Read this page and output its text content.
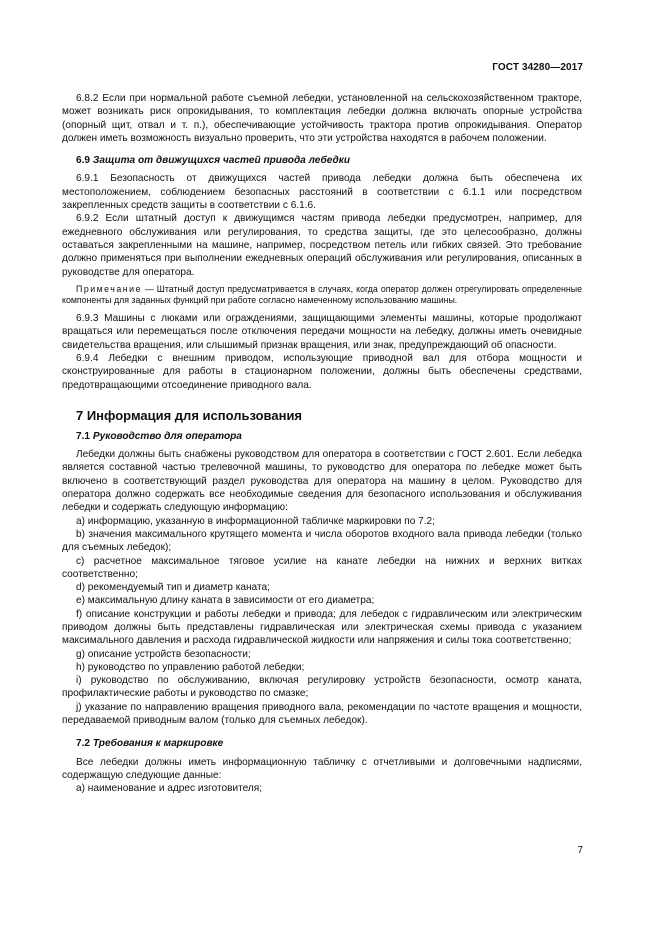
ГОСТ 34280—2017

6.8.2 Если при нормальной работе съемной лебедки, установленной на сельскохозяйственном тракторе, может возникать риск опрокидывания, то комплектация лебедки должна включать опорные устройства (опорный щит, отвал и т. п.), обеспечивающие устойчивость трактора против опрокидывания. Оператор должен иметь возможность визуально проверить, что эти устройства находятся в рабочем положении.

6.9 Защита от движущихся частей привода лебедки

6.9.1 Безопасность от движущихся частей привода лебедки должна быть обеспечена их местоположением, соблюдением безопасных расстояний в соответствии с 6.1.1 или посредством закрепленных средств защиты в соответствии с 6.1.6.

6.9.2 Если штатный доступ к движущимся частям привода лебедки предусмотрен, например, для ежедневного обслуживания или регулирования, то средства защиты, где это целесообразно, должны оставаться закрепленными на машине, например, посредством петель или гибких связей. Это требование должно применяться при выполнении ежедневных операций обслуживания или регулирования, описанных в руководстве для оператора.

Примечание — Штатный доступ предусматривается в случаях, когда оператор должен отрегулировать определенные компоненты для заданных функций при работе согласно намеченному использованию машины.

6.9.3 Машины с люками или ограждениями, защищающими элементы машины, которые продолжают вращаться или перемещаться после отключения передачи мощности на лебедку, должны иметь очевидные свидетельства вращения, или слышимый признак вращения, или знак, предупреждающий об опасности.

6.9.4 Лебедки с внешним приводом, использующие приводной вал для отбора мощности и сконструированные для работы в стационарном положении, должны быть обеспечены средствами, предотвращающими отсоединение приводного вала.

7 Информация для использования
7.1 Руководство для оператора

Лебедки должны быть снабжены руководством для оператора в соответствии с ГОСТ 2.601. Если лебедка является составной частью трелевочной машины, то руководство для оператора по лебедке может быть включено в соответствующий раздел руководства для оператора на машину в целом. Руководство для оператора должно содержать все необходимые сведения для безопасного использования и обслуживания лебедки и содержать следующую информацию:

а) информацию, указанную в информационной табличке маркировки по 7.2;

b) значения максимального крутящего момента и числа оборотов входного вала привода лебедки (только для съемных лебедок);

c) расчетное максимальное тяговое усилие на канате лебедки на нижних и верхних витках соответственно;

d) рекомендуемый тип и диаметр каната;

е) максимальную длину каната в зависимости от его диаметра;

f) описание конструкции и работы лебедки и привода; для лебедок с гидравлическим или электрическим приводом должны быть представлены гидравлическая или электрическая схемы привода с указанием максимального давления и расхода гидравлической жидкости или напряжения и силы тока соответственно;

g) описание устройств безопасности;

h) руководство по управлению работой лебедки;

i) руководство по обслуживанию, включая регулировку устройств безопасности, осмотр каната, профилактические работы и руководство по смазке;

j) указание по направлению вращения приводного вала, рекомендации по частоте вращения и мощности, передаваемой приводным валом (только для съемных лебедок).

7.2 Требования к маркировке

Все лебедки должны иметь информационную табличку с отчетливыми и долговечными надписями, содержащую следующие данные:

а) наименование и адрес изготовителя;

7
